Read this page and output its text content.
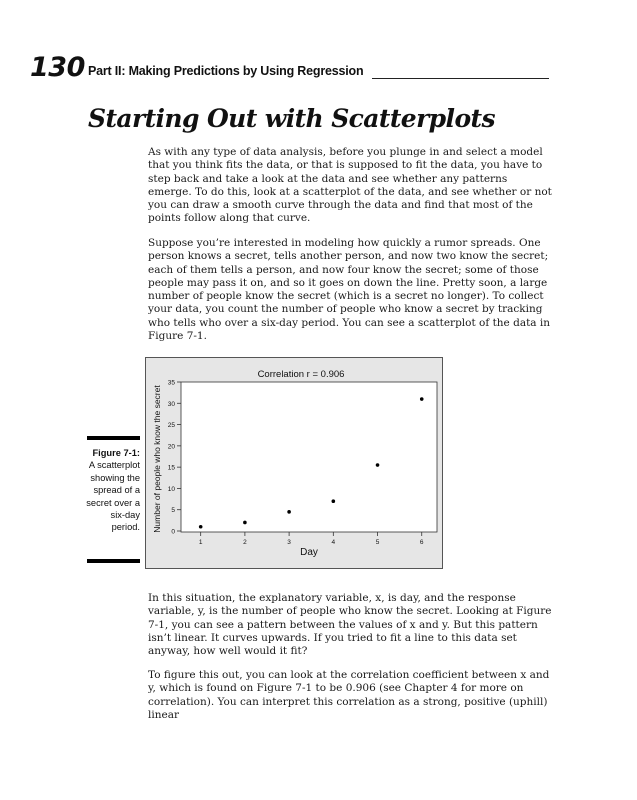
130 Part II: Making Predictions by Using Regression
Starting Out with Scatterplots

As with any type of data analysis, before you plunge in and select a model that you think fits the data, or that is supposed to fit the data, you have to step back and take a look at the data and see whether any patterns emerge. To do this, look at a scatterplot of the data, and see whether or not you can draw a smooth curve through the data and find that most of the points follow along that curve.

Suppose you’re interested in modeling how quickly a rumor spreads. One person knows a secret, tells another person, and now two know the secret; each of them tells a person, and now four know the secret; some of those people may pass it on, and so it goes on down the line. Pretty soon, a large number of people know the secret (which is a secret no longer). To collect your data, you count the number of people who know a secret by tracking who tells who over a six-day period. You can see a scatterplot of the data in Figure 7-1.

Figure 7-1:
A scatterplot showing the spread of a secret over a six-day period.
Correlation r = 0.906
Day
Number of people who know the secret 0
5
10
15
20
25
30
35
1	2	3	4	5	6

In this situation, the explanatory variable, x, is day, and the response variable, y, is the number of people who know the secret. Looking at Figure 7-1, you can see a pattern between the values of x and y. But this pattern isn’t linear. It curves upwards. If you tried to fit a line to this data set anyway, how well would it fit?

To figure this out, you can look at the correlation coefficient between x and y, which is found on Figure 7-1 to be 0.906 (see Chapter 4 for more on correlation). You can interpret this correlation as a strong, positive (uphill) linear
